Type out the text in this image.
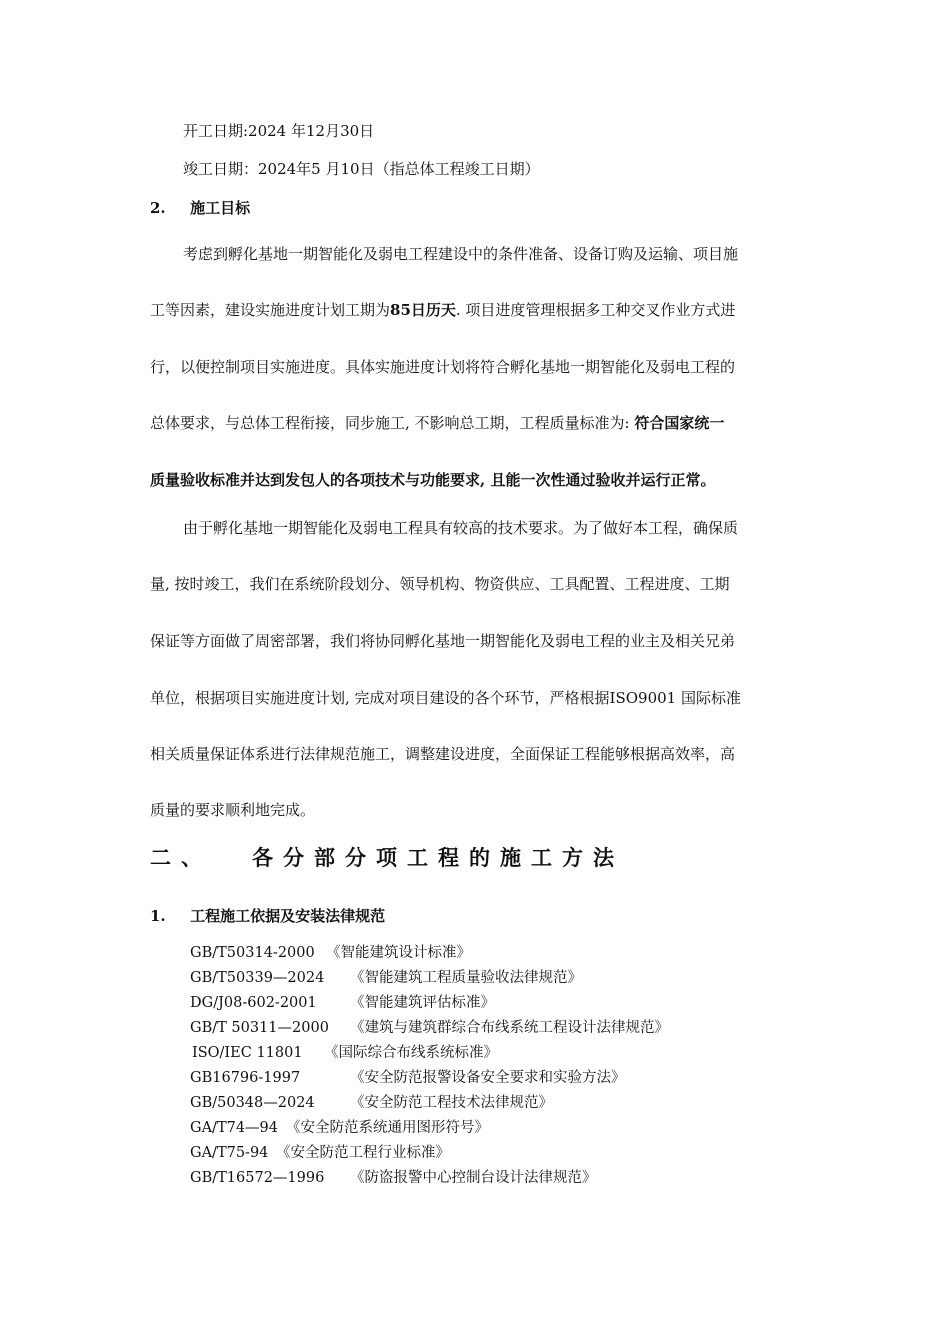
开工日期:2024 年12月30日
竣工日期：2024年5 月10日（指总体工程竣工日期）
2. 施工目标
考虑到孵化基地一期智能化及弱电工程建设中的条件准备、设备订购及运输、项目施
工等因素，建设实施进度计划工期为85日历天. 项目进度管理根据多工种交叉作业方式进
行，以便控制项目实施进度。具体实施进度计划将符合孵化基地一期智能化及弱电工程的
总体要求，与总体工程衔接，同步施工, 不影响总工期，工程质量标准为: 符合国家统一
质量验收标准并达到发包人的各项技术与功能要求, 且能一次性通过验收并运行正常。
由于孵化基地一期智能化及弱电工程具有较高的技术要求。为了做好本工程，确保质
量, 按时竣工，我们在系统阶段划分、领导机构、物资供应、工具配置、工程进度、工期
保证等方面做了周密部署，我们将协同孵化基地一期智能化及弱电工程的业主及相关兄弟
单位，根据项目实施进度计划, 完成对项目建设的各个环节，严格根据ISO9001 国际标准
相关质量保证体系进行法律规范施工，调整建设进度，全面保证工程能够根据高效率，高
质量的要求顺利地完成。
二、 各分部分项工程的施工方法
1. 工程施工依据及安装法律规范
GB/T50314-2000 《智能建筑设计标准》
GB/T50339—2024 《智能建筑工程质量验收法律规范》
DG/J08-602-2001 《智能建筑评估标准》
GB/T 50311—2000 《建筑与建筑群综合布线系统工程设计法律规范》
ISO/IEC 11801 《国际综合布线系统标准》
GB16796-1997	《安全防范报警设备安全要求和实验方法》
GB/50348—2024 《安全防范工程技术法律规范》
GA/T74—94 《安全防范系统通用图形符号》
GA/T75-94 《安全防范工程行业标准》
GB/T16572—1996 《防盗报警中心控制台设计法律规范》
